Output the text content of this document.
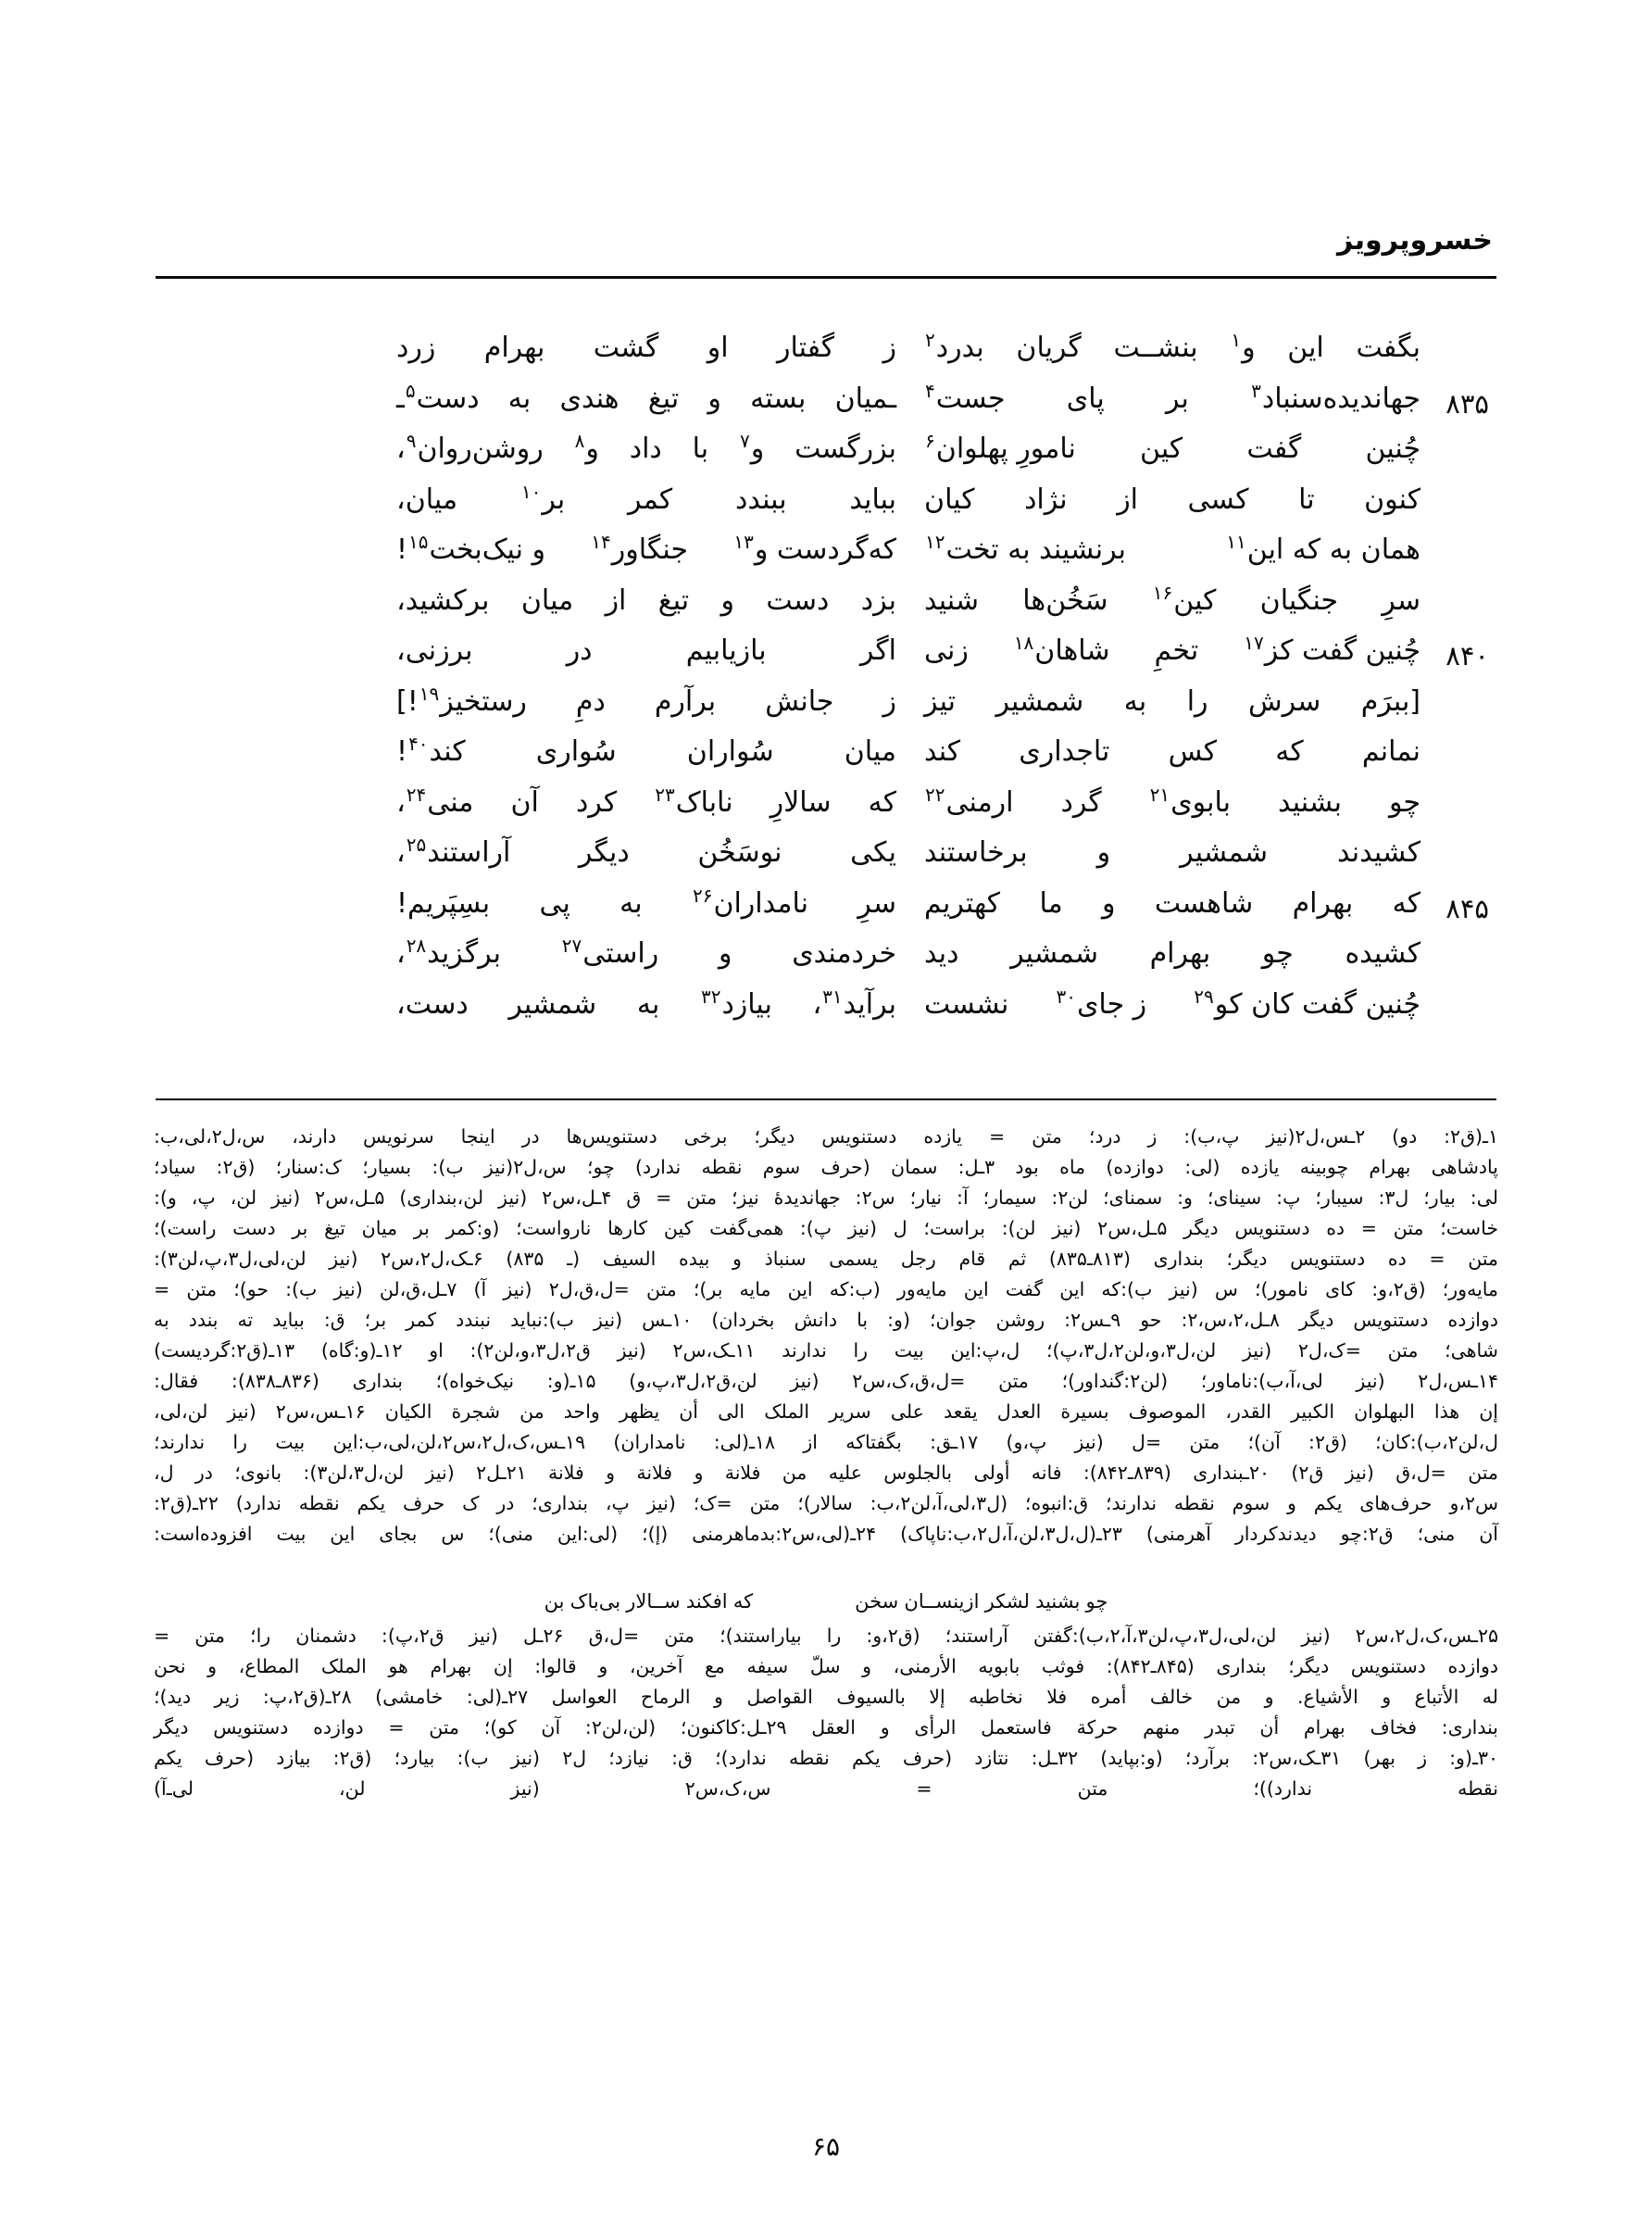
خسروپرویز
بگفت
این
و$^۱$
بنشــت
گریان
بدرد$^۲$
ز
گفتار
او
گشت
بهرام
زرد
۸۳۵
جهاندیده‌سنباد$^۳$
بر
پای
جست$^۴$
ـمیان
بسته
و
تیغ
هندی
به
دست$^۵$ـ
چُنین
گفت
کین
نامورِ پهلوان$^۶$
بزرگست
و$^۷$
با
داد
و$^۸$
روشن‌روان$^۹$،
کنون
تا
کسی
از
نژاد
کیان
بباید
ببندد
کمر
بر$^{۱۰}$
میان،
همان به که این$^{۱۱}$
برنشیند به تخت$^{۱۲}$
که‌گردست و$^{۱۳}$
جنگاور$^{۱۴}$
و نیک‌بخت$^{۱۵}$!
سرِ
جنگیان
کین$^{۱۶}$
سَخُن‌ها
شنید
بزد
دست
و
تیغ
از
میان
برکشید،
۸۴۰
چُنین گفت کز$^{۱۷}$
تخمِ
شاهان$^{۱۸}$
زنی
اگر
بازیابیم
در
برزنی،
[ببرَم
سرش
را
به
شمشیر
تیز
ز
جانش
برآرم
دمِ
رستخیز$^{۱۹}$!]
نمانم
که
کس
تاجداری
کند
میان
سُواران
سُواری
کند$^{۴۰}$!
چو
بشنید
بابوی$^{۲۱}$
گرد
ارمنی$^{۲۲}$
که
سالارِ
ناباک$^{۲۳}$
کرد
آن
منی$^{۲۴}$،
کشیدند
شمشیر
و
برخاستند
یکی
نوسَخُن
دیگر
آراستند$^{۲۵}$،
۸۴۵
که
بهرام
شاهست
و
ما
کهتریم
سرِ
نامداران$^{۲۶}$
به
پی
بسِپَریم!
کشیده
چو
بهرام
شمشیر
دید
خردمندی
و
راستی$^{۲۷}$
برگزید$^{۲۸}$،
چُنین گفت کان کو$^{۲۹}$
ز جای$^{۳۰}$
نشست
برآید$^{۳۱}$،
بیازد$^{۳۲}$
به
شمشیر
دست،
۱ـ(ق۲: دو) ۲ـس،ل۲(نیز پ،ب): ز درد؛ متن = یازده دستنویس دیگر؛ برخی دستنویس‌ها در اینجا سرنویس دارند، س،ل۲،لی،ب:
پادشاهی بهرام چوبینه یازده (لی: دوازده) ماه بود ۳ـل: سمان (حرف سوم نقطه ندارد) چو؛ س،ل۲(نیز ب): بسیار؛ ک:سنار؛ (ق۲: سیاد؛
لی: بیار؛ ل۳: سیبار؛ پ: سینای؛ و: سمنای؛ لن۲: سیمار؛ آ: نیار؛ س۲: جهاندیدهٔ نیز؛ متن = ق ۴ـل،س۲ (نیز لن،بنداری) ۵ـل،س۲ (نیز لن، پ، و):
خاست؛ متن = ده دستنویس دیگر ۵ـل،س۲ (نیز لن): براست؛ ل (نیز پ): همی‌گفت کین کارها ناروا‌ست؛ (و:کمر بر میان تیغ بر دست راست)؛
متن = ده دستنویس دیگر؛ بنداری (۸۱۳ـ۸۳۵) ثم قام رجل یسمی سنباذ و بیده السیف (ـ ۸۳۵) ۶ـک،ل۲،س۲ (نیز لن،لی،ل۳،پ،لن۳):
مایه‌ور؛ (ق۲،و: کای نامور)؛ س (نیز ب):که این گفت این مایه‌ور (ب:که این مایه بر)؛ متن =ل،ق،ل۲ (نیز آ) ۷ـل،ق،لن (نیز ب): حو)؛ متن =
دوازده دستنویس دیگر ۸ـل،۲،س،۲: حو ۹ـس۲: روشن جوان؛ (و: با دانش بخردان) ۱۰ـس (نیز ب):نباید نبندد کمر بر؛ ق: بباید ته بندد به
شاهی؛ متن =ک،ل۲ (نیز لن،ل۳،و،لن۲،ل۳،پ)؛ ل،پ:این بیت را ندارند ۱۱ـک،س۲ (نیز ق۲،ل۳،و،لن۲): او ۱۲ـ(و:گاه) ۱۳ـ(ق۲:گردیست)
۱۴ـس،ل۲ (نیز لی،آ،ب):ناماور؛ (لن۲:گنداور)؛ متن =ل،ق،ک،س۲ (نیز لن،ق۲،ل۳،پ،و) ۱۵ـ(و: نیک‌خواه)؛ بنداری (۸۳۶ـ۸۳۸): فقال:
إن هذا البهلوان الکبیر القدر، الموصوف بسیرة العدل یقعد علی سریر الملک الی أن یظهر واحد من شجرة الکیان ۱۶ـس،س۲ (نیز لن،لی،
ل،لن۲،ب):کان؛ (ق۲: آن)؛ متن =ل (نیز پ،و) ۱۷ـق: بگفتاکه از ۱۸ـ(لی: نامداران) ۱۹ـس،ک،ل۲،س۲،لن،لی،ب:این بیت را ندارند؛
متن =ل،ق (نیز ق۲) ۲۰ـبنداری (۸۳۹ـ۸۴۲): فانه أولی بالجلوس علیه من فلانة و فلانة و فلانة ۲۱ـل۲ (نیز لن،ل۳،لن۳): بانوی؛ در ل،
س۲،و حرف‌های یکم و سوم نقطه ندارند؛ ق:انبوه؛ (ل۳،لی،آ،لن۲،ب: سالار)؛ متن =ک؛ (نیز پ، بنداری؛ در ک حرف یکم نقطه ندارد) ۲۲ـ(ق۲:
آن منی؛ ق۲:چو دیدندکردار آهرمنی) ۲۳ـ(ل،ل۳،لن،آ،ل۲،ب:ناپاک) ۲۴ـ(لی،س۲:بدماهرمنی (إ)؛ (لی:این منی)؛ س بجای این بیت افزوده‌است:
چو بشنید لشکر ازینســان سخن
که افکند ســالار بی‌باک بن
۲۵ـس،ک،ل۲،س۲ (نیز لن،لی،ل۳،پ،لن۳،آ،۲،ب):گفتن آراستند؛ (ق۲،و: را بیاراستند)؛ متن =ل،ق ۲۶ـل (نیز ق۲،پ): دشمنان را؛ متن =
دوازده دستنویس دیگر؛ بنداری (۸۴۵ـ۸۴۲): فوثب بابویه الأرمنی، و سلّ سیفه مع آخرین، و قالوا: إن بهرام هو الملک المطاع، و نحن
له الأتباع و الأشیاع. و من خالف أمره فلا نخاطبه إلا بالسیوف القواصل و الرماح العواسل ۲۷ـ(لی: خامشی) ۲۸ـ(ق۲،پ: زیر دید)؛
بنداری: فخاف بهرام أن تبدر منهم حرکة فاستعمل الرأی و العقل ۲۹ـل:کاکنون؛ (لن،لن۲: آن کو)؛ متن = دوازده دستنویس دیگر
۳۰ـ(و: ز بهر) ۳۱ـک،س۲: برآرد؛ (و:بپاید) ۳۲ـل: نتازد (حرف یکم نقطه ندارد)؛ ق: نیازد؛ ل۲ (نیز ب): بیارد؛ (ق۲: بیازد (حرف یکم
نقطه ندارد))؛ متن = س،ک،س۲ (نیز لن، لی‌ـ‌آ)
۶۵
